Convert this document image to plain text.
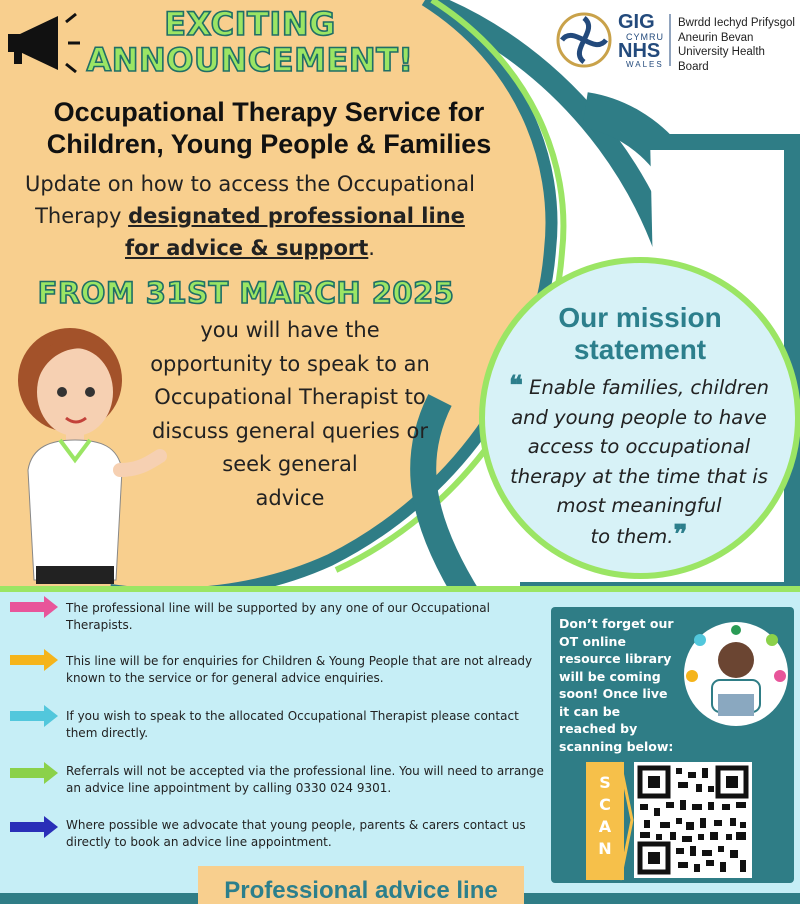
EXCITING
ANNOUNCEMENT!
Occupational Therapy Service for
Children, Young People & Families
Update on how to access the Occupational Therapy designated professional line for advice & support.
FROM 31ST MARCH 2025
you will have the
opportunity to speak to an
Occupational Therapist to
discuss general queries or
seek general
advice
GIG
CYMRU
NHS
WALES
Bwrdd Iechyd Prifysgol
Aneurin Bevan
University Health Board
Our mission
statement
❝ Enable families, children
and young people to have
access to occupational
therapy at the time that is
most meaningful
to them.❞
The professional line will be supported by any one of our Occupational Therapists.
This line will be for enquiries for Children & Young People that are not already known to the service or for general advice enquiries.
If you wish to speak to the allocated Occupational Therapist please contact them directly.
Referrals will not be accepted via the professional line. You will need to arrange an advice line appointment by calling 0330 024 9301.
Where possible we advocate that young people, parents & carers contact us directly to book an advice line appointment.
Don’t forget our OT online resource library will be coming soon! Once live it can be reached by scanning below:
S
C
A
N
Professional advice line
